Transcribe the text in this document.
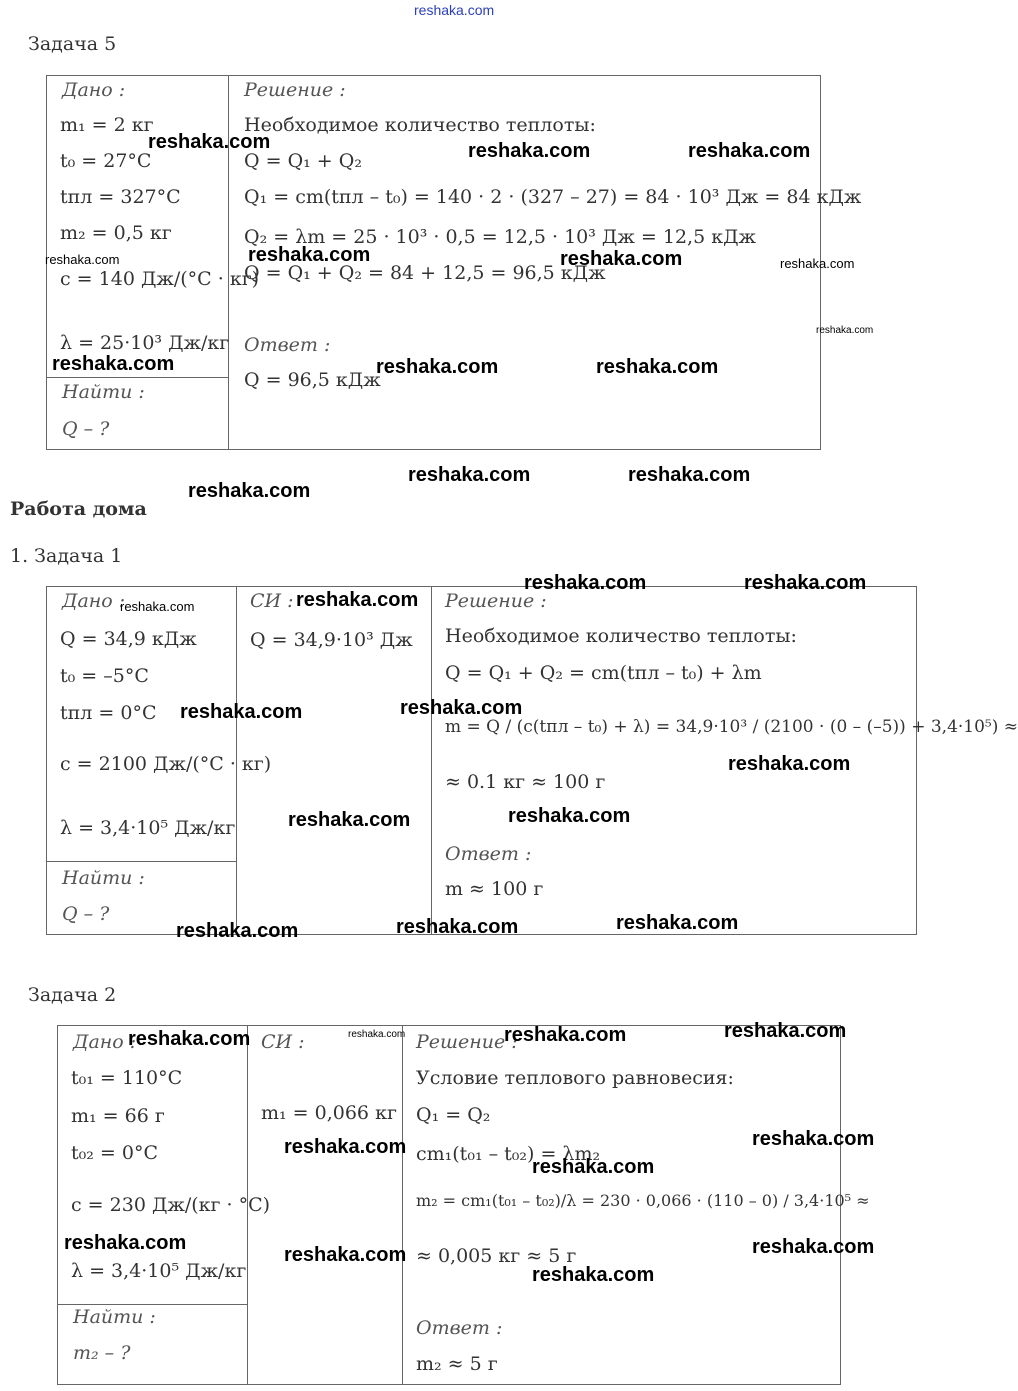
reshaka.com
Задача 5
Дано :
m₁ = 2 кг
t₀ = 27°C
tпл = 327°C
m₂ = 0,5 кг
c = 140 Дж/(°C · кг)
λ = 25·10³ Дж/кг
Найти :
Q – ?
Решение :
Необходимое количество теплоты:
Q = Q₁ + Q₂
Q₁ = cm(tпл – t₀) = 140 · 2 · (327 – 27) = 84 · 10³ Дж = 84 кДж
Q₂ = λm = 25 · 10³ · 0,5 = 12,5 · 10³ Дж = 12,5 кДж
Q = Q₁ + Q₂ = 84 + 12,5 = 96,5 кДж
Ответ :
Q = 96,5 кДж
Работа дома
1. Задача 1
Дано :
Q = 34,9 кДж
t₀ = –5°C
tпл = 0°C
c = 2100 Дж/(°C · кг)
λ = 3,4·10⁵ Дж/кг
Найти :
Q – ?
СИ :
Q = 34,9·10³ Дж
Решение :
Необходимое количество теплоты:
Q = Q₁ + Q₂ = cm(tпл – t₀) + λm
m = Q / (c(tпл – t₀) + λ) = 34,9·10³ / (2100 · (0 – (–5)) + 3,4·10⁵) ≈
≈ 0.1 кг ≈ 100 г
Ответ :
m ≈ 100 г
Задача 2
Дано :
t₀₁ = 110°C
m₁ = 66 г
t₀₂ = 0°C
c = 230 Дж/(кг · °C)
λ = 3,4·10⁵ Дж/кг
Найти :
m₂ – ?
СИ :
m₁ = 0,066 кг
Решение :
Условие теплового равновесия:
Q₁ = Q₂
cm₁(t₀₁ – t₀₂) = λm₂
m₂ = cm₁(t₀₁ – t₀₂)/λ = 230 · 0,066 · (110 – 0) / 3,4·10⁵ ≈
≈ 0,005 кг ≈ 5 г
Ответ :
m₂ ≈ 5 г
reshaka.com	reshaka.com	reshaka.com
reshaka.com	reshaka.com
reshaka.com	reshaka.com
reshaka.com
reshaka.com	reshaka.com	reshaka.com
reshaka.com	reshaka.com
reshaka.com
reshaka.com	reshaka.com
reshaka.com
reshaka.com
reshaka.com
reshaka.com
reshaka.com
reshaka.com
reshaka.com
reshaka.com
reshaka.com
reshaka.com
reshaka.com
reshaka.com
reshaka.com	reshaka.com
reshaka.com
reshaka.com
reshaka.com
reshaka.com	reshaka.com
reshaka.com
reshaka.com
